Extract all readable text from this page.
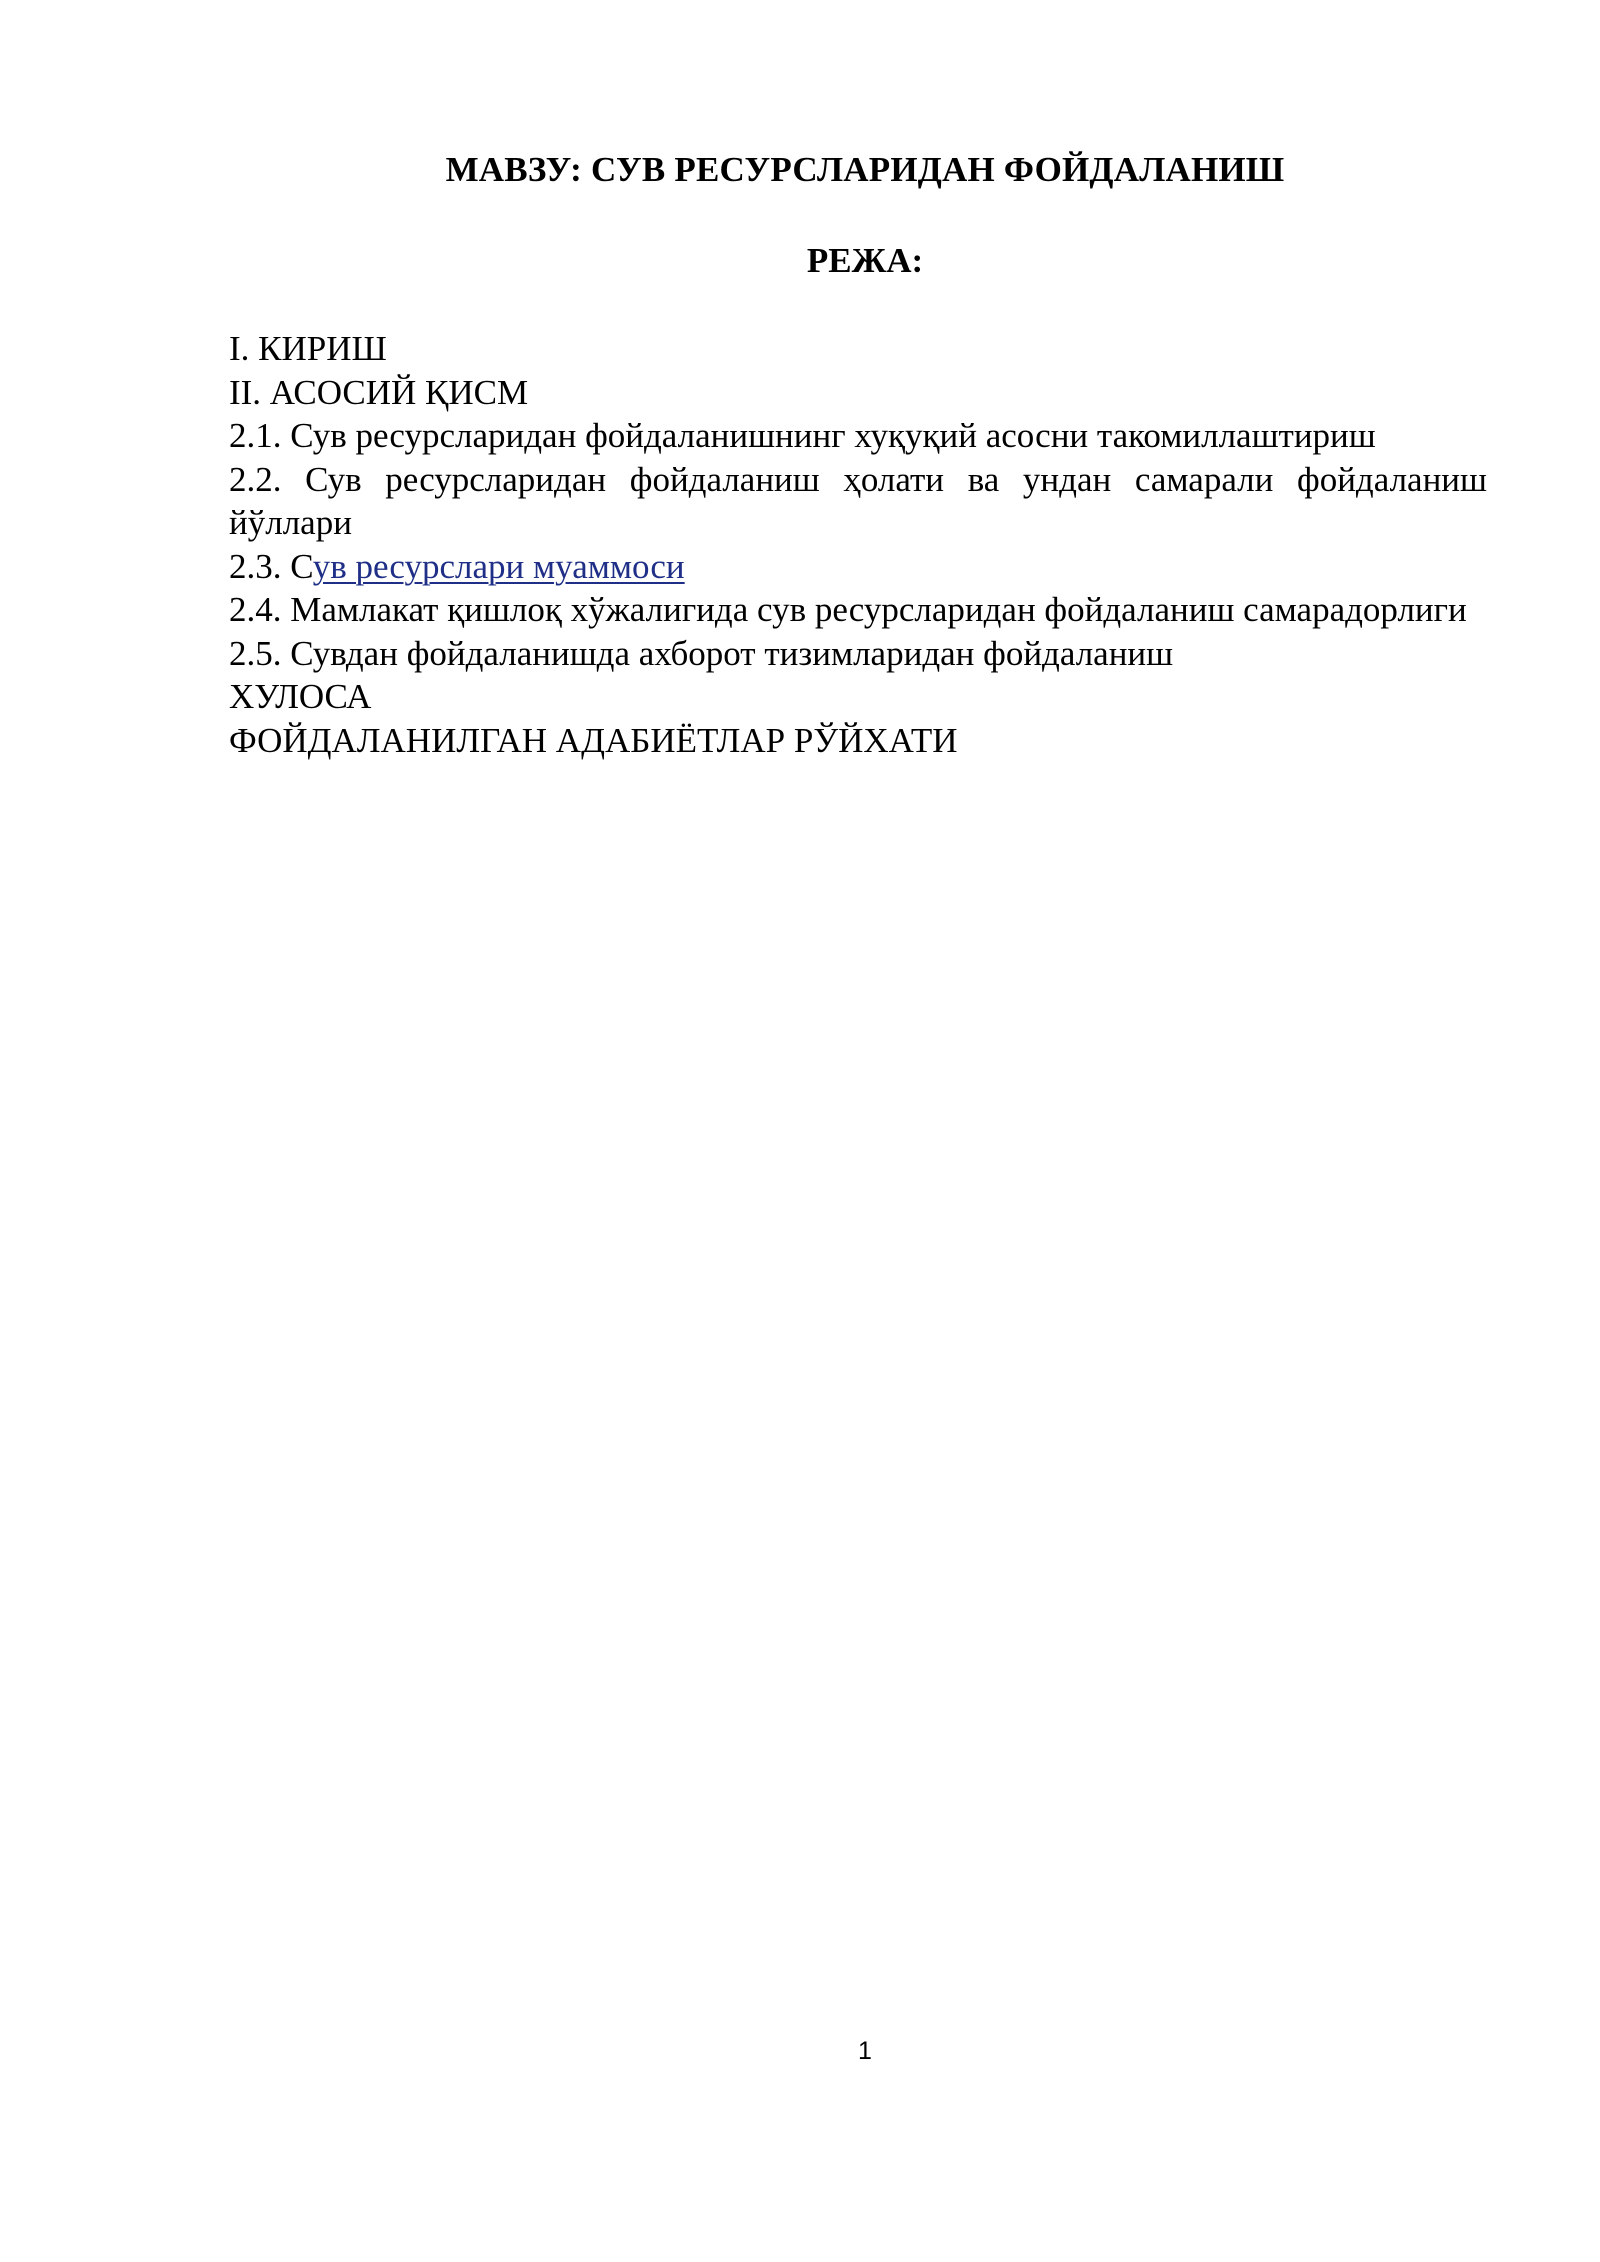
МАВЗУ: СУВ РЕСУРСЛАРИДАН ФОЙДАЛАНИШ
РЕЖА:
I. КИРИШ
II. АСОСИЙ ҚИСМ
2.1. Сув ресурсларидан фойдаланишнинг хуқуқий асосни такомиллаштириш
2.2. Сув ресурсларидан фойдаланиш ҳолати ва ундан самарали фойдаланиш йўллари
2.3. Сув ресурслари муаммоси
2.4. Мамлакат қишлоқ хўжалигида сув ресурсларидан фойдаланиш самарадорлиги
2.5. Сувдан фойдаланишда ахборот тизимларидан фойдаланиш
ХУЛОСА
ФОЙДАЛАНИЛГАН АДАБИЁТЛАР РЎЙХАТИ
1
